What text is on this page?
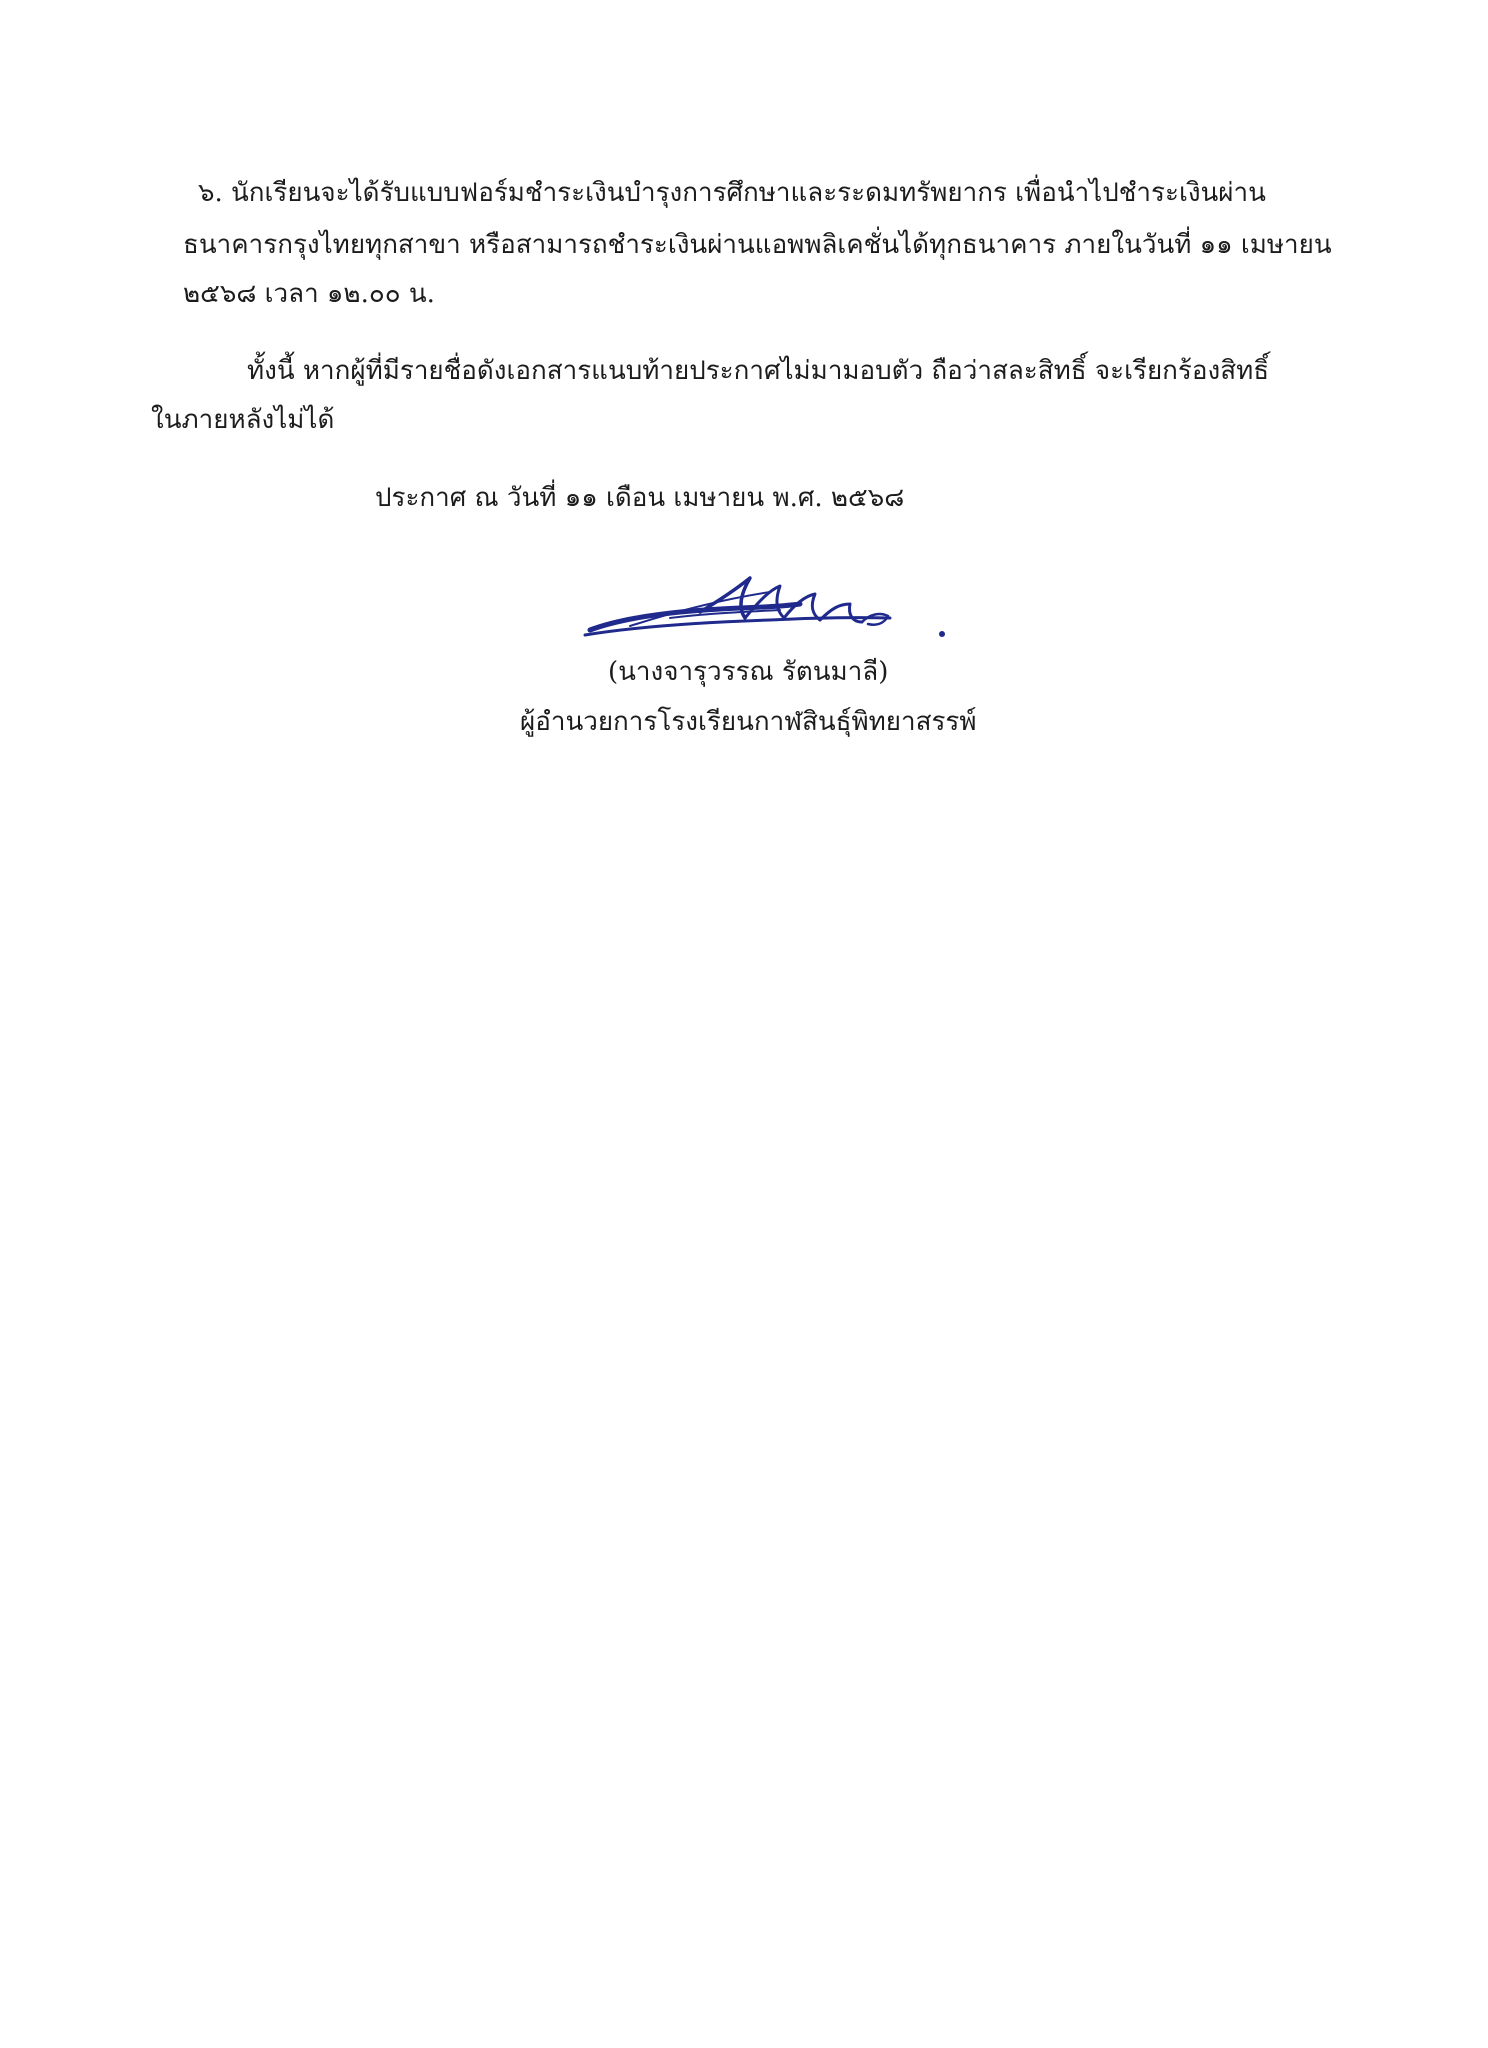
๖. นักเรียนจะได้รับแบบฟอร์มชำระเงินบำรุงการศึกษาและระดมทรัพยากร เพื่อนำไปชำระเงินผ่าน
ธนาคารกรุงไทยทุกสาขา หรือสามารถชำระเงินผ่านแอพพลิเคชั่นได้ทุกธนาคาร ภายในวันที่ ๑๑ เมษายน
๒๕๖๘ เวลา ๑๒.๐๐ น.
ทั้งนี้ หากผู้ที่มีรายชื่อดังเอกสารแนบท้ายประกาศไม่มามอบตัว ถือว่าสละสิทธิ์ จะเรียกร้องสิทธิ์
ในภายหลังไม่ได้
ประกาศ ณ วันที่ ๑๑ เดือน เมษายน พ.ศ. ๒๕๖๘
(นางจารุวรรณ รัตนมาลี)
ผู้อำนวยการโรงเรียนกาฬสินธุ์พิทยาสรรพ์
